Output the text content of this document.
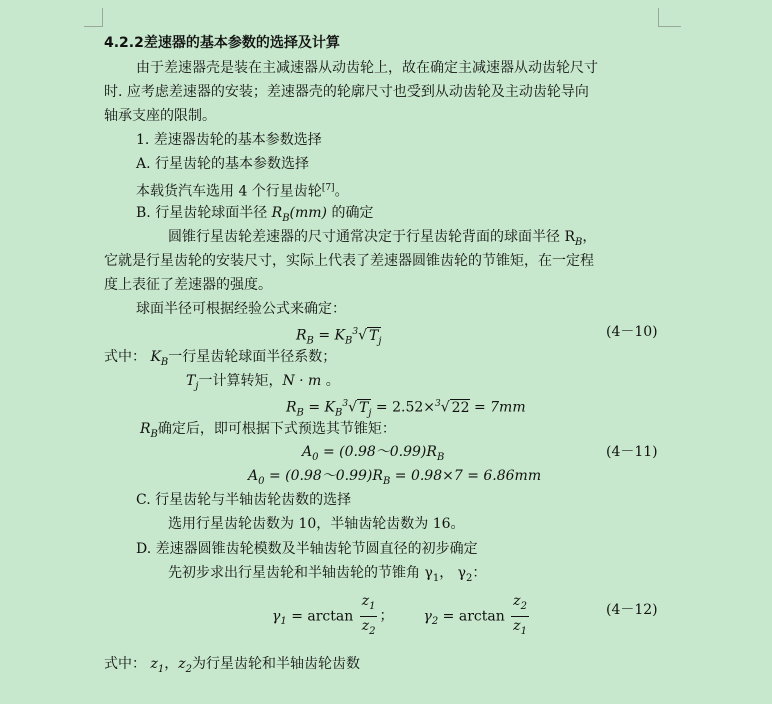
4.2.2差速器的基本参数的选择及计算
由于差速器壳是装在主减速器从动齿轮上，故在确定主减速器从动齿轮尺寸
时. 应考虑差速器的安装；差速器壳的轮廓尺寸也受到从动齿轮及主动齿轮导向
轴承支座的限制。
1. 差速器齿轮的基本参数选择
A. 行星齿轮的基本参数选择
本载货汽车选用 4 个行星齿轮[7]。
B. 行星齿轮球面半径 $R_B(mm)$ 的确定
圆锥行星齿轮差速器的尺寸通常决定于行星齿轮背面的球面半径 $R_B$，
它就是行星齿轮的安装尺寸，实际上代表了差速器圆锥齿轮的节锥矩，在一定程
度上表征了差速器的强度。
球面半径可根据经验公式来确定：
$R_B = K_B^3√$ $T_j$
(4－10)
式中： $K_B$一行星齿轮球面半径系数；
$T_j$一计算转矩，N · m 。
$R_B = K_B^3√$ $T_j = 2.52\times^3√$ 22 = 7mm
$R_B$确定后，即可根据下式预选其节锥矩：
$A_0$ = $(0.98\sim 0.99)R_B$	(4－11)
$A_0$ = $(0.98\sim 0.99)R_B = 0.98\times 7 = 6.86mm$
C. 行星齿轮与半轴齿轮齿数的选择
选用行星齿轮齿数为 10，半轴齿轮齿数为 16。
D. 差速器圆锥齿轮模数及半轴齿轮节圆直径的初步确定
先初步求出行星齿轮和半轴齿轮的节锥角 $\gamma_1$， $\gamma_2$：
$\gamma_1 = \arctan \frac{z_1}{z_2}$ ； $\gamma_2 = \arctan \frac{z_2}{z_1}$	(4－12)
式中： $z_1$，$z_2$为行星齿轮和半轴齿轮齿数
